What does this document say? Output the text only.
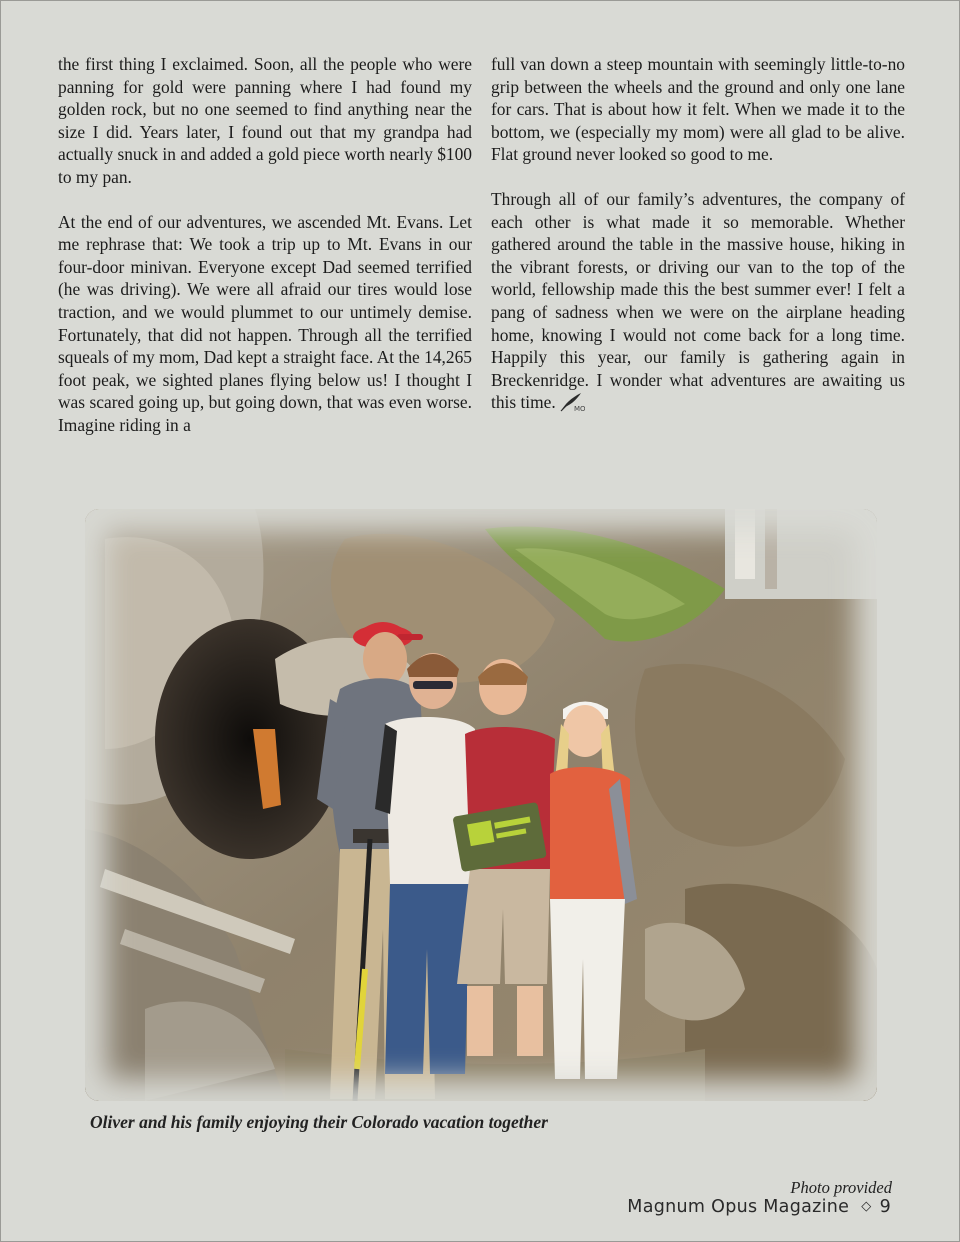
the first thing I exclaimed. Soon, all the people who were panning for gold were panning where I had found my golden rock, but no one seemed to find anything near the size I did. Years later, I found out that my grandpa had actually snuck in and added a gold piece worth nearly $100 to my pan.

At the end of our adventures, we ascended Mt. Evans. Let me rephrase that: We took a trip up to Mt. Evans in our four-door minivan. Everyone except Dad seemed terrified (he was driving). We were all afraid our tires would lose traction, and we would plummet to our untimely demise. Fortunately, that did not happen. Through all the terrified squeals of my mom, Dad kept a straight face. At the 14,265 foot peak, we sighted planes flying below us! I thought I was scared going up, but going down, that was even worse. Imagine riding in a

full van down a steep mountain with seemingly little-to-no grip between the wheels and the ground and only one lane for cars. That is about how it felt. When we made it to the bottom, we (especially my mom) were all glad to be alive. Flat ground never looked so good to me.

Through all of our family’s adventures, the company of each other is what made it so memorable. Whether gathered around the table in the massive house, hiking in the vibrant forests, or driving our van to the top of the world, fellowship made this the best summer ever! I felt a pang of sadness when we were on the airplane heading home, knowing I would not come back for a long time. Happily this year, our family is gathering again in Breckenridge. I wonder what adventures are awaiting us this time.	MO

Oliver and his family enjoying their Colorado vacation together
Photo provided
Magnum Opus Magazine ◇ 9
